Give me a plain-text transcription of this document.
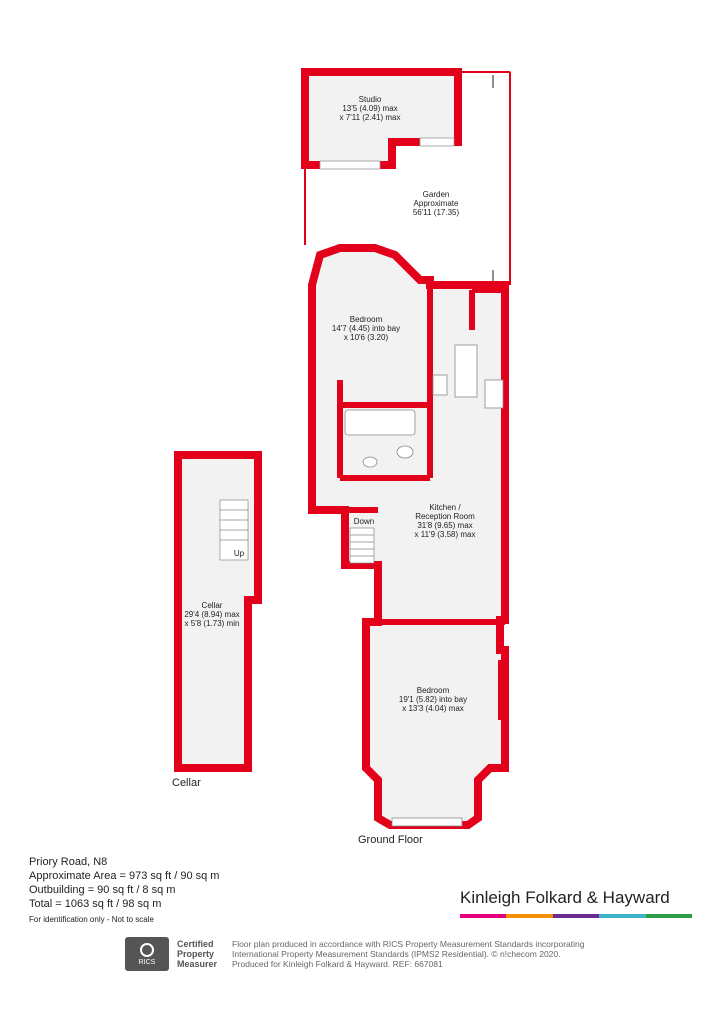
Studio
13'5 (4.09) max
x 7'11 (2.41) max
Garden
Approximate
56'11 (17.35)
Bedroom
14'7 (4.45) into bay
x 10'6 (3.20)
Kitchen /
Reception Room
31'8 (9.65) max
x 11'9 (3.58) max
Down
Bedroom
19'1 (5.82) into bay
x 13'3 (4.04) max
Cellar
29'4 (8.94) max
x 5'8 (1.73) min
Up
Cellar
Ground Floor
Priory Road, N8
Approximate Area = 973 sq ft / 90 sq m
Outbuilding = 90 sq ft / 8 sq m
Total = 1063 sq ft / 98 sq m
For identification only - Not to scale
Kinleigh Folkard & Hayward
RICS
Certified
Property
Measurer
Floor plan produced in accordance with RICS Property Measurement Standards incorporating
International Property Measurement Standards (IPMS2 Residential). © n!checom 2020.
Produced for Kinleigh Folkard & Hayward. REF: 667081
